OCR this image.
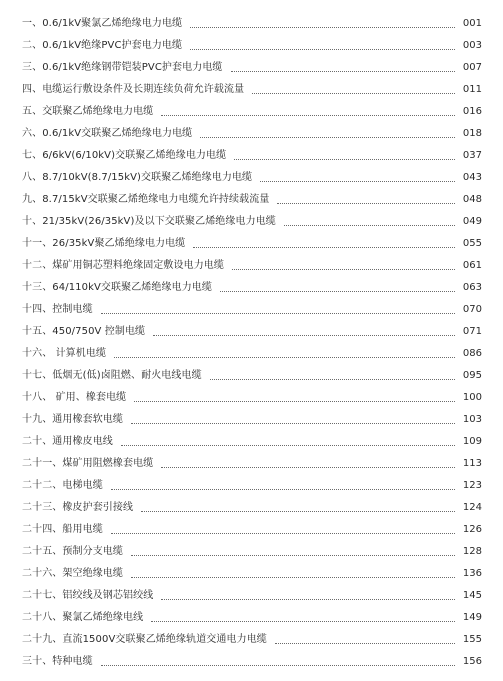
一、0.6/1kV聚氯乙烯绝缘电力电缆	001
二、0.6/1kV绝缘PVC护套电力电缆	003
三、0.6/1kV绝缘钢带铠装PVC护套电力电缆	007
四、电缆运行敷设条件及长期连续负荷允许载流量	011
五、交联聚乙烯绝缘电力电缆	016
六、0.6/1kV交联聚乙烯绝缘电力电缆	018
七、6/6kV(6/10kV)交联聚乙烯绝缘电力电缆	037
八、8.7/10kV(8.7/15kV)交联聚乙烯绝缘电力电缆	043
九、8.7/15kV交联聚乙烯绝缘电力电缆允许持续载流量	048
十、21/35kV(26/35kV)及以下交联聚乙烯绝缘电力电缆	049
十一、26/35kV聚乙烯绝缘电力电缆	055
十二、煤矿用铜芯塑料绝缘固定敷设电力电缆	061
十三、64/110kV交联聚乙烯绝缘电力电缆	063
十四、控制电缆	070
十五、450/750V 控制电缆	071
十六、 计算机电缆	086
十七、低烟无(低)卤阻燃、耐火电线电缆	095
十八、 矿用、橡套电缆	100
十九、通用橡套软电缆	103
二十、通用橡皮电线	109
二十一、煤矿用阻燃橡套电缆	113
二十二、电梯电缆	123
二十三、橡皮护套引接线	124
二十四、船用电缆	126
二十五、预制分支电缆	128
二十六、架空绝缘电缆	136
二十七、铝绞线及钢芯铝绞线	145
二十八、聚氯乙烯绝缘电线	149
二十九、直流1500V交联聚乙烯绝缘轨道交通电力电缆	155
三十、特种电缆	156
